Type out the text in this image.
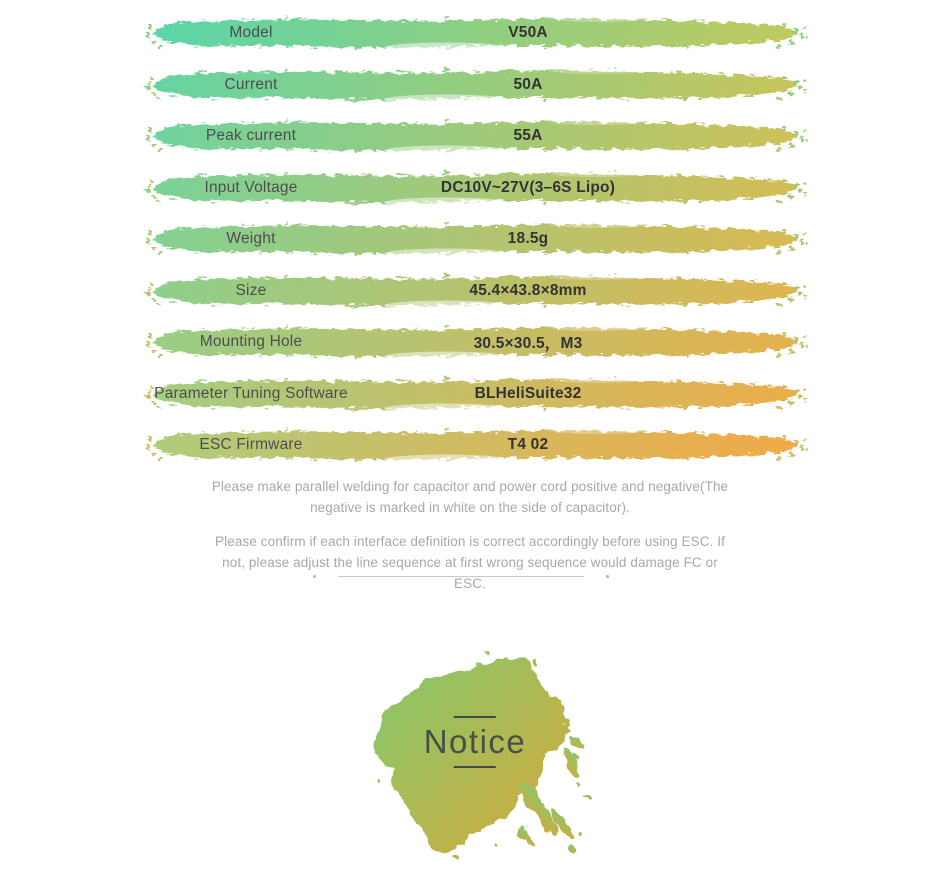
Model	V50A
Current	50A
Peak current	55A
Input Voltage	DC10V~27V(3–6S Lipo)
Weight	18.5g
Size	45.4×43.8×8mm
Mounting Hole	30.5×30.5，M3
Parameter Tuning Software	BLHeliSuite32
ESC Firmware	T4 02

Please make parallel welding for capacitor and power cord positive and negative(The negative is marked in white on the side of capacitor).

Please confirm if each interface definition is correct accordingly before using ESC. If not, please adjust the line sequence at first wrong sequence would damage FC or ESC.

Notice
